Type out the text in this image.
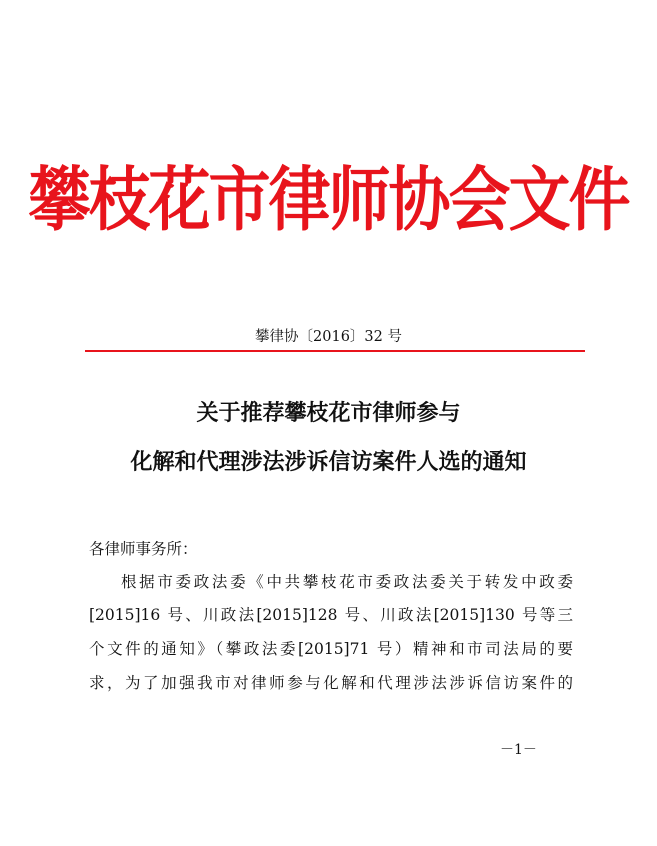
攀枝花市律师协会文件
攀律协〔2016〕32 号
关于推荐攀枝花市律师参与
化解和代理涉法涉诉信访案件人选的通知
各律师事务所：
根据市委政法委《中共攀枝花市委政法委关于转发中政委
[2015]16 号、川政法[2015]128 号、川政法[2015]130 号等三
个文件的通知》（攀政法委[2015]71 号）精神和市司法局的要
求，为了加强我市对律师参与化解和代理涉法涉诉信访案件的
－1－
